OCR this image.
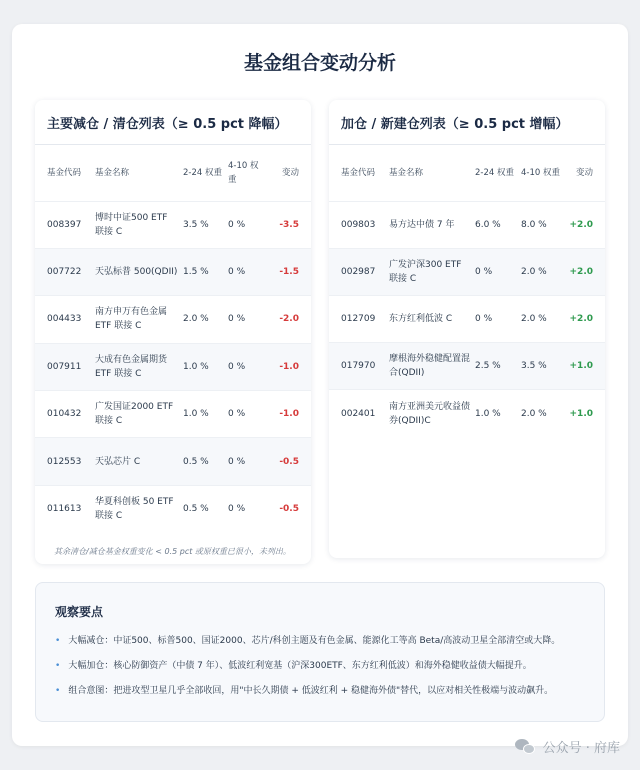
基金组合变动分析
主要减仓 / 清仓列表（≥ 0.5 pct 降幅）
基金代码	基金名称	2-24 权重	4-10 权重	变动
008397	博时中证500 ETF 联接 C	3.5 %	0 %	-3.5
007722	天弘标普 500(QDII)	1.5 %	0 %	-1.5
004433	南方申万有色金属 ETF 联接 C	2.0 %	0 %	-2.0
007911	大成有色金属期货 ETF 联接 C	1.0 %	0 %	-1.0
010432	广发国证2000 ETF 联接 C	1.0 %	0 %	-1.0
012553	天弘芯片 C	0.5 %	0 %	-0.5
011613	华夏科创板 50 ETF 联接 C	0.5 %	0 %	-0.5
加仓 / 新建仓列表（≥ 0.5 pct 增幅）
基金代码	基金名称	2-24 权重	4-10 权重	变动
009803	易方达中债 7 年	6.0 %	8.0 %	+2.0
002987	广发沪深300 ETF 联接 C	0 %	2.0 %	+2.0
012709	东方红利低波 C	0 %	2.0 %	+2.0
017970	摩根海外稳健配置混合(QDII)	2.5 %	3.5 %	+1.0
002401	南方亚洲美元收益债券(QDII)C	1.0 %	2.0 %	+1.0
其余清仓/减仓基金权重变化 < 0.5 pct 或原权重已很小，未列出。
观察要点
• 大幅减仓：中证500、标普500、国证2000、芯片/科创主题及有色金属、能源化工等高 Beta/高波动卫星全部清空或大降。
• 大幅加仓：核心防御资产（中债 7 年）、低波红利宽基（沪深300ETF、东方红利低波）和海外稳健收益债大幅提升。
• 组合意图：把进攻型卫星几乎全部收回，用"中长久期债 + 低波红利 + 稳健海外债"替代，以应对相关性极端与波动飙升。
公众号 · 府库
